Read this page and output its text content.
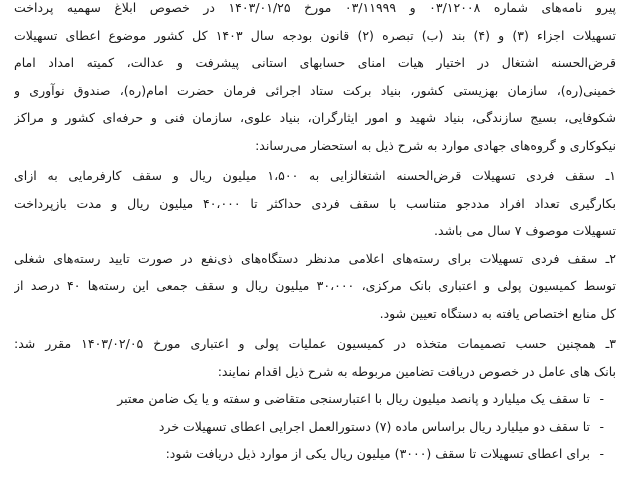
پیرو نامه‌های شماره ۰۳/۱۲۰۰۸ و ۰۳/۱۱۹۹۹ مورخ ۱۴۰۳/۰۱/۲۵ در خصوص ابلاغ سهمیه پرداخت
تسهیلات اجزاء (۳) و (۴) بند (ب) تبصره (۲) قانون بودجه سال ۱۴۰۳ کل کشور موضوع اعطای تسهیلات
قرض‌الحسنه اشتغال در اختیار هیات امنای حسابهای استانی پیشرفت و عدالت، کمیته امداد امام
خمینی(ره)، سازمان بهزیستی کشور، بنیاد برکت ستاد اجرائی فرمان حضرت امام(ره)، صندوق نوآوری و
شکوفایی، بسیج سازندگی، بنیاد شهید و امور ایثارگران، بنیاد علوی، سازمان فنی و حرفه‌ای کشور و مراکز
نیکوکاری و گروه‌های جهادی موارد به شرح ذیل به استحضار می‌رساند:
۱ـ سقف فردی تسهیلات قرض‌الحسنه اشتغالزایی به ۱،۵۰۰ میلیون ریال و سقف کارفرمایی به ازای
بکارگیری تعداد افراد مددجو متناسب با سقف فردی حداکثر تا ۴۰،۰۰۰ میلیون ریال و مدت بازپرداخت
تسهیلات موصوف ۷ سال می باشد.
۲ـ سقف فردی تسهیلات برای رسته‌های اعلامی مدنظر دستگاه‌های ذی‌نفع در صورت تایید رسته‌های شغلی
توسط کمیسیون پولی و اعتباری بانک مرکزی، ۳۰،۰۰۰ میلیون ریال و سقف جمعی این رسته‌ها ۴۰ درصد از
کل منابع اختصاص یافته به دستگاه تعیین شود.
۳ـ همچنین حسب تصمیمات متخذه در کمیسیون عملیات پولی و اعتباری مورخ ۱۴۰۳/۰۲/۰۵ مقرر شد:
بانک های عامل در خصوص دریافت تضامین مربوطه به شرح ذیل اقدام نمایند:
-
تا سقف یک میلیارد و پانصد میلیون ریال با اعتبارسنجی متقاضی و سفته و یا یک ضامن معتبر
-
تا سقف دو میلیارد ریال براساس ماده (۷) دستورالعمل اجرایی اعطای تسهیلات خرد
-
برای اعطای تسهیلات تا سقف (۳۰۰۰) میلیون ریال یکی از موارد ذیل دریافت شود:
